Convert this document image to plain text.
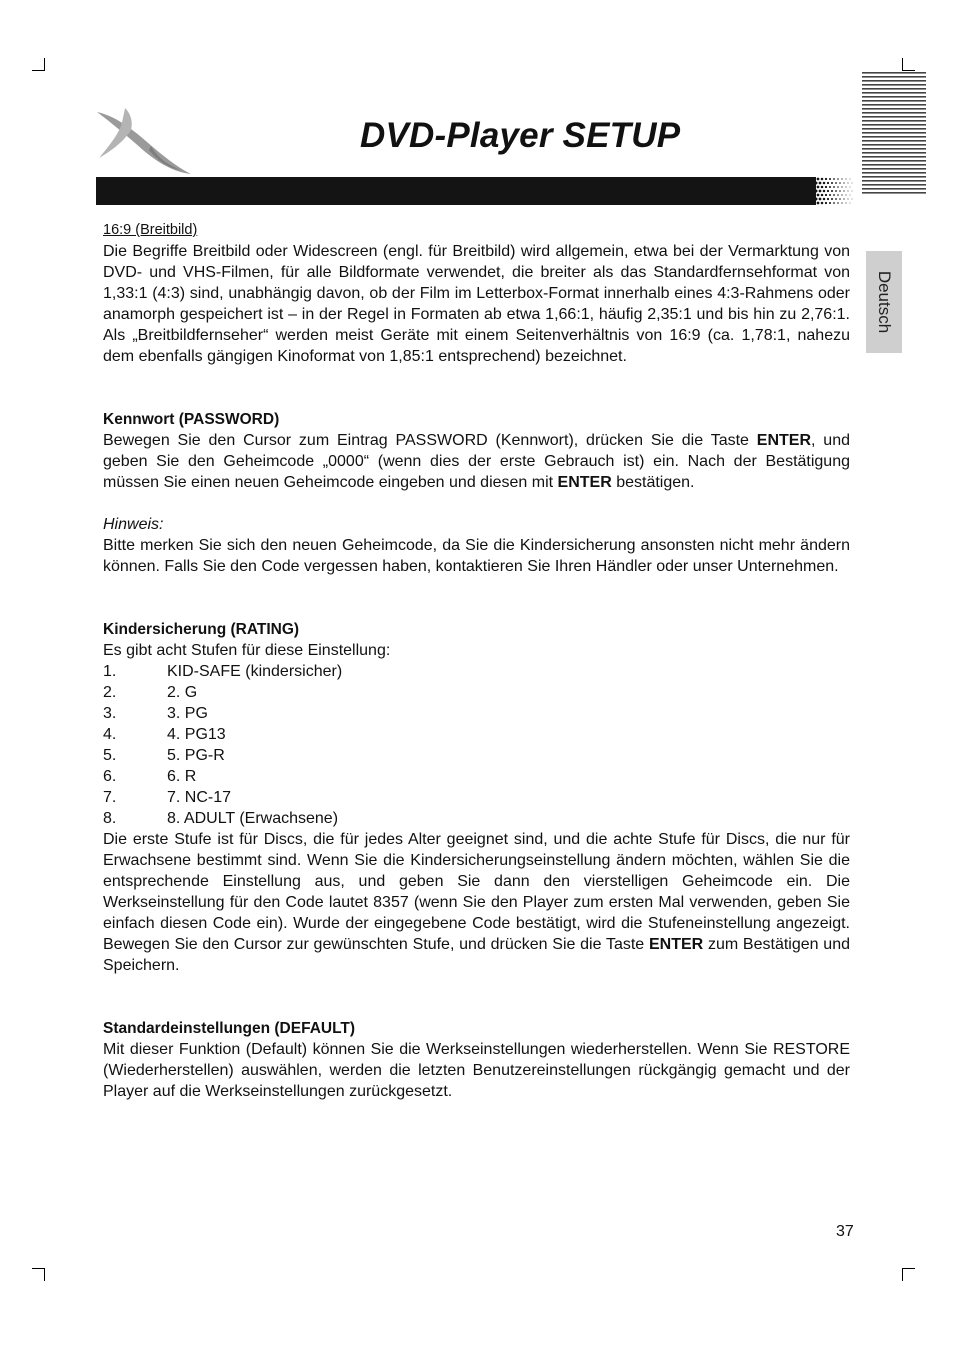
DVD-Player SETUP
Deutsch

16:9 (Breitbild)

Die Begriffe Breitbild oder Widescreen (engl. für Breitbild) wird allgemein, etwa bei der Vermarktung von DVD- und VHS-Filmen, für alle Bildformate verwendet, die breiter als das Standardfernsehformat von 1,33:1 (4:3) sind, unabhängig davon, ob der Film im Letterbox-Format innerhalb eines 4:3-Rahmens oder anamorph gespeichert ist – in der Regel in Formaten ab etwa 1,66:1, häufig 2,35:1 und bis hin zu 2,76:1. Als „Breitbildfernseher“ werden meist Geräte mit einem Seitenverhältnis von 16:9 (ca. 1,78:1, nahezu dem ebenfalls gängigen Kinoformat von 1,85:1 entsprechend) bezeichnet.

Kennwort (PASSWORD)

Bewegen Sie den Cursor zum Eintrag PASSWORD (Kennwort), drücken Sie die Taste ENTER, und geben Sie den Geheimcode „0000“ (wenn dies der erste Gebrauch ist) ein. Nach der Bestätigung müssen Sie einen neuen Geheimcode eingeben und diesen mit ENTER bestätigen.

Hinweis:

Bitte merken Sie sich den neuen Geheimcode, da Sie die Kindersicherung ansonsten nicht mehr ändern können. Falls Sie den Code vergessen haben, kontaktieren Sie Ihren Händler oder unser Unternehmen.

Kindersicherung (RATING)

Es gibt acht Stufen für diese Einstellung:

1.	KID-SAFE (kindersicher)
2.	2. G
3.	3. PG
4.	4. PG13
5.	5. PG-R
6.	6. R
7.	7. NC-17
8.	8. ADULT (Erwachsene)

Die erste Stufe ist für Discs, die für jedes Alter geeignet sind, und die achte Stufe für Discs, die nur für Erwachsene bestimmt sind. Wenn Sie die Kindersicherungseinstellung ändern möchten, wählen Sie die entsprechende Einstellung aus, und geben Sie dann den vierstelligen Geheimcode ein. Die Werkseinstellung für den Code lautet 8357 (wenn Sie den Player zum ersten Mal verwenden, geben Sie einfach diesen Code ein). Wurde der eingegebene Code bestätigt, wird die Stufeneinstellung angezeigt. Bewegen Sie den Cursor zur gewünschten Stufe, und drücken Sie die Taste ENTER zum Bestätigen und Speichern.

Standardeinstellungen (DEFAULT)

Mit dieser Funktion (Default) können Sie die Werkseinstellungen wiederherstellen. Wenn Sie RESTORE (Wiederherstellen) auswählen, werden die letzten Benutzereinstellungen rückgängig gemacht und der Player auf die Werkseinstellungen zurückgesetzt.

37
